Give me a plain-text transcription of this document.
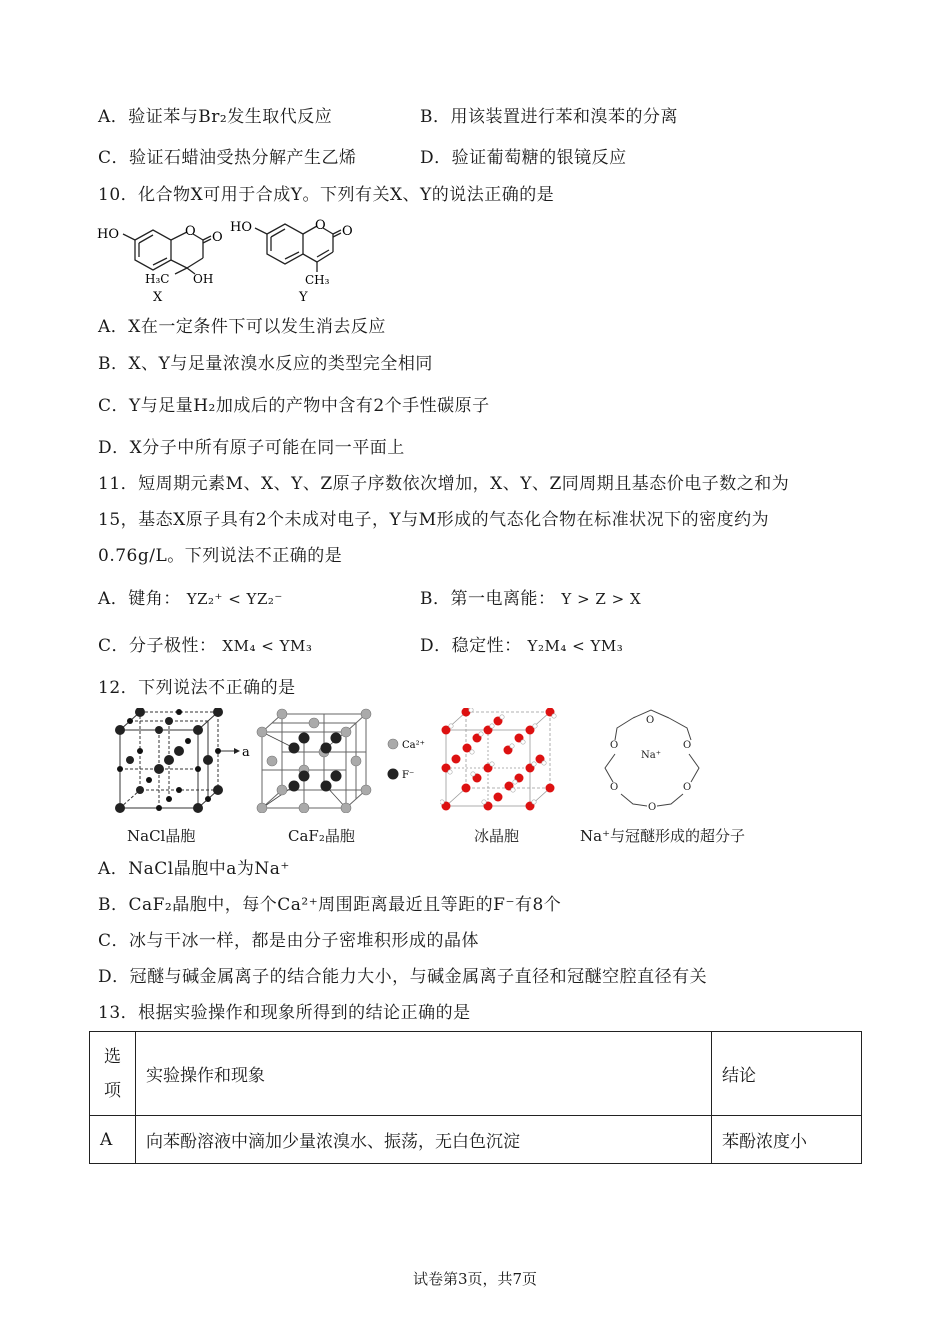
A．验证苯与Br₂发生取代反应	B．用该装置进行苯和溴苯的分离
C．验证石蜡油受热分解产生乙烯	D．验证葡萄糖的银镜反应
10．化合物X可用于合成Y。下列有关X、Y的说法正确的是
HO	O O
H₃C OH
X
HO	O O
CH₃
Y
A．X在一定条件下可以发生消去反应
B．X、Y与足量浓溴水反应的类型完全相同
C．Y与足量H₂加成后的产物中含有2个手性碳原子
D．X分子中所有原子可能在同一平面上
11．短周期元素M、X、Y、Z原子序数依次增加，X、Y、Z同周期且基态价电子数之和为
15，基态X原子具有2个未成对电子，Y与M形成的气态化合物在标准状况下的密度约为
0.76g/L。下列说法不正确的是
A．键角： YZ₂⁺ < YZ₂⁻	B．第一电离能： Y > Z > X
C．分子极性： XM₄ < YM₃	D．稳定性： Y₂M₄ < YM₃
12．下列说法不正确的是
a	Ca²⁺
F⁻
O
O
O
O
O
O
Na⁺
NaCl晶胞	CaF₂晶胞	冰晶胞	Na⁺与冠醚形成的超分子
A．NaCl晶胞中a为Na⁺
B．CaF₂晶胞中，每个Ca²⁺周围距离最近且等距的F⁻有8个
C．冰与干冰一样，都是由分子密堆积形成的晶体
D．冠醚与碱金属离子的结合能力大小，与碱金属离子直径和冠醚空腔直径有关
13．根据实验操作和现象所得到的结论正确的是
选
项	实验操作和现象	结论
A	向苯酚溶液中滴加少量浓溴水、振荡，无白色沉淀	苯酚浓度小
试卷第3页，共7页
